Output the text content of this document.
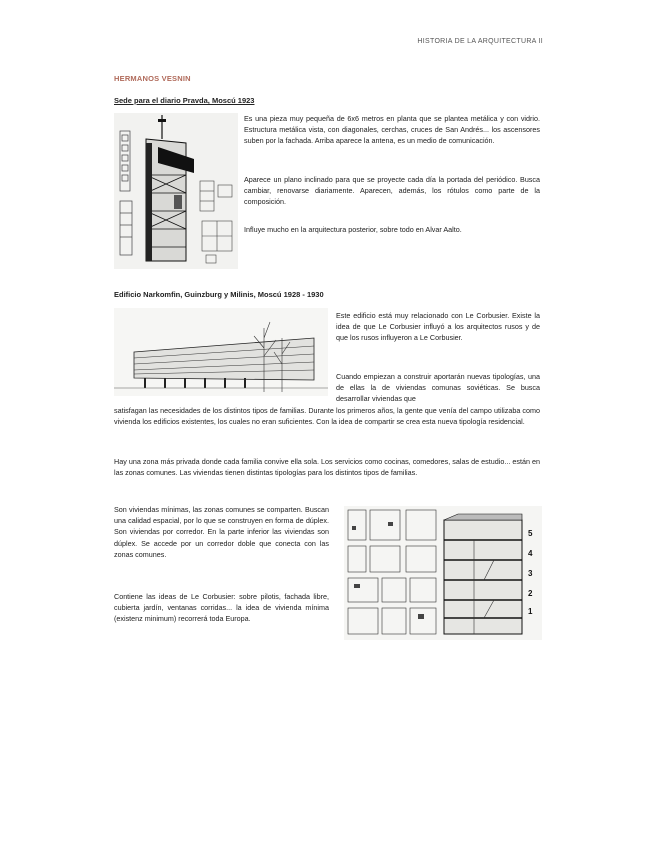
HISTORIA DE LA ARQUITECTURA II
HERMANOS VESNIN
Sede para el diario Pravda, Moscú 1923
Es una pieza muy pequeña de 6x6 metros en planta que se plantea metálica y con vidrio. Estructura metálica vista, con diagonales, cerchas, cruces de San Andrés... los ascensores suben por la fachada. Arriba aparece la antena, es un medio de comunicación.
Aparece un plano inclinado para que se proyecte cada día la portada del periódico. Busca cambiar, renovarse diariamente. Aparecen, además, los rótulos como parte de la composición.
Influye mucho en la arquitectura posterior, sobre todo en Alvar Aalto.
Edificio Narkomfin, Guinzburg y Milinis, Moscú 1928 - 1930
Este edificio está muy relacionado con Le Corbusier. Existe la idea de que Le Corbusier influyó a los arquitectos rusos y de que los rusos influyeron a Le Corbusier.
Cuando empiezan a construir aportarán nuevas tipologías, una de ellas la de viviendas comunas soviéticas. Se busca desarrollar viviendas que
satisfagan las necesidades de los distintos tipos de familias. Durante los primeros años, la gente que venía del campo utilizaba como vivienda los edificios existentes, los cuales no eran suficientes. Con la idea de compartir se crea esta nueva tipología residencial.
Hay una zona más privada donde cada familia convive ella sola. Los servicios como cocinas, comedores, salas de estudio... están en las zonas comunes. Las viviendas tienen distintas tipologías para los distintos tipos de familias.
Son viviendas mínimas, las zonas comunes se comparten. Buscan una calidad espacial, por lo que se construyen en forma de dúplex. Son viviendas por corredor. En la parte inferior las viviendas son dúplex. Se accede por un corredor doble que conecta con las zonas comunes.
Contiene las ideas de Le Corbusier: sobre pilotis, fachada libre, cubierta jardín, ventanas corridas... la idea de vivienda mínima (existenz minimum) recorrerá toda Europa.
5
4
3
2
1
